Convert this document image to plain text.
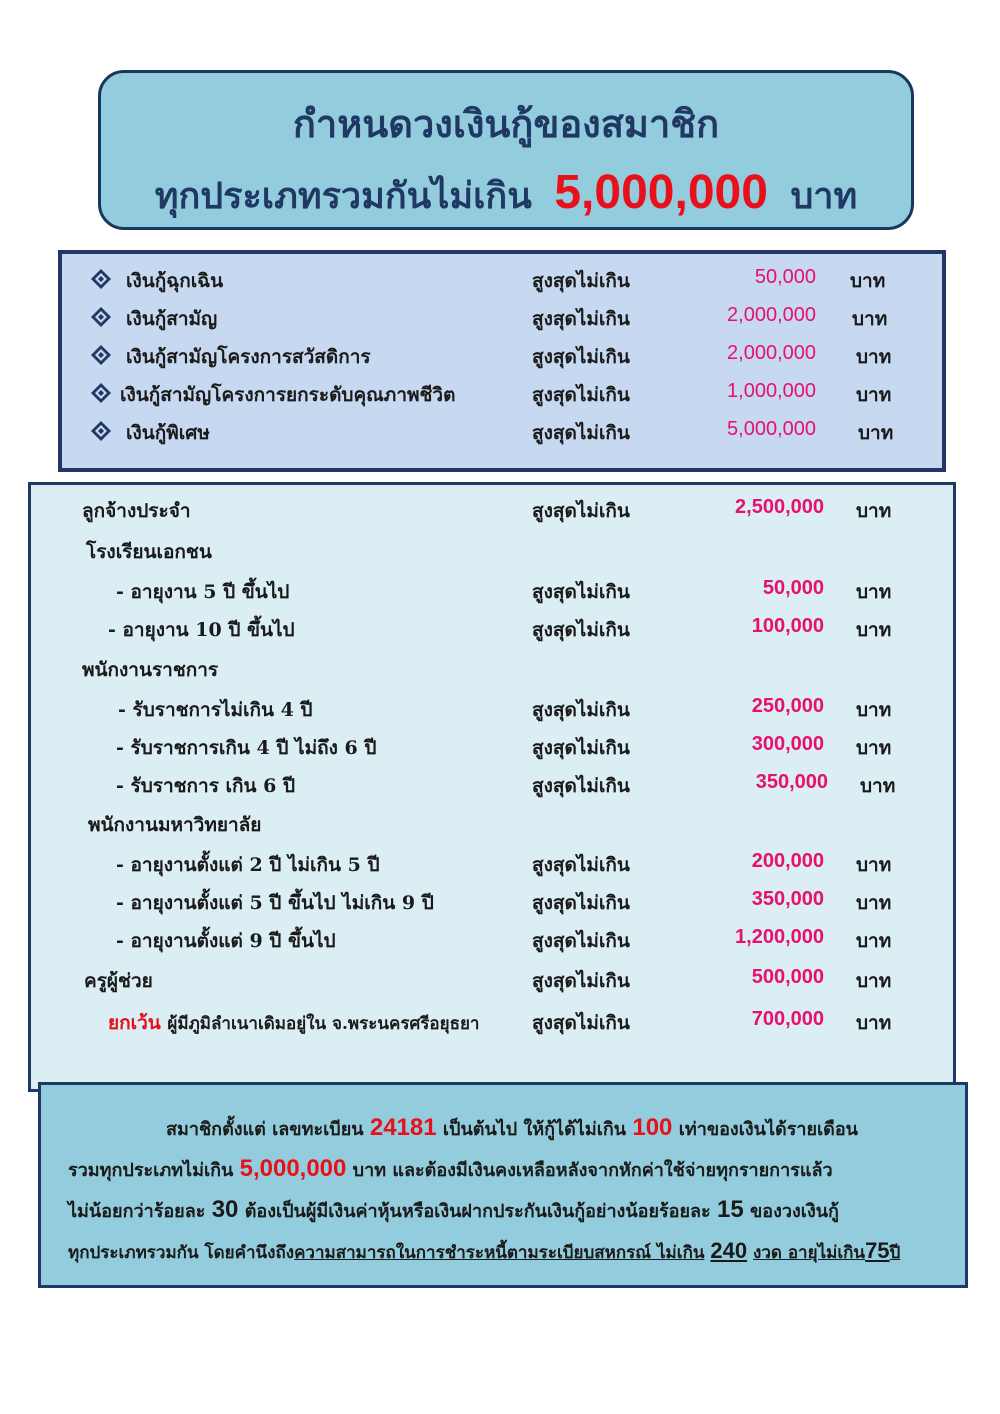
กำหนดวงเงินกู้ของสมาชิก
ทุกประเภทรวมกันไม่เกิน 5,000,000 บาท
เงินกู้ฉุกเฉิน	สูงสุดไม่เกิน	50,000 บาท
เงินกู้สามัญ	สูงสุดไม่เกิน	2,000,000 บาท
เงินกู้สามัญโครงการสวัสดิการ	สูงสุดไม่เกิน	2,000,000 บาท
เงินกู้สามัญโครงการยกระดับคุณภาพชีวิต	สูงสุดไม่เกิน	1,000,000 บาท
เงินกู้พิเศษ	สูงสุดไม่เกิน	5,000,000 บาท
ลูกจ้างประจำ	สูงสุดไม่เกิน	2,500,000 บาท
โรงเรียนเอกชน
- อายุงาน 5 ปี ขึ้นไป	สูงสุดไม่เกิน	50,000 บาท
- อายุงาน 10 ปี ขึ้นไป	สูงสุดไม่เกิน	100,000 บาท
พนักงานราชการ
- รับราชการไม่เกิน 4 ปี	สูงสุดไม่เกิน	250,000 บาท
- รับราชการเกิน 4 ปี ไม่ถึง 6 ปี	สูงสุดไม่เกิน	300,000 บาท
- รับราชการ เกิน 6 ปี	สูงสุดไม่เกิน	350,000 บาท
พนักงานมหาวิทยาลัย
- อายุงานตั้งแต่ 2 ปี ไม่เกิน 5 ปี	สูงสุดไม่เกิน	200,000 บาท
- อายุงานตั้งแต่ 5 ปี ขึ้นไป ไม่เกิน 9 ปี	สูงสุดไม่เกิน	350,000 บาท
- อายุงานตั้งแต่ 9 ปี ขึ้นไป	สูงสุดไม่เกิน	1,200,000 บาท
ครูผู้ช่วย	สูงสุดไม่เกิน	500,000 บาท
ยกเว้น ผู้มีภูมิลำเนาเดิมอยู่ใน จ.พระนครศรีอยุธยา	สูงสุดไม่เกิน	700,000 บาท
สมาชิกตั้งแต่ เลขทะเบียน 24181 เป็นต้นไป ให้กู้ได้ไม่เกิน 100 เท่าของเงินได้รายเดือน
รวมทุกประเภทไม่เกิน 5,000,000 บาท และต้องมีเงินคงเหลือหลังจากหักค่าใช้จ่ายทุกรายการแล้ว
ไม่น้อยกว่าร้อยละ 30 ต้องเป็นผู้มีเงินค่าหุ้นหรือเงินฝากประกันเงินกู้อย่างน้อยร้อยละ 15 ของวงเงินกู้
ทุกประเภทรวมกัน โดยคำนึงถึงความสามารถในการชำระหนี้ตามระเบียบสหกรณ์ ไม่เกิน 240 งวด อายุไม่เกิน75ปี
